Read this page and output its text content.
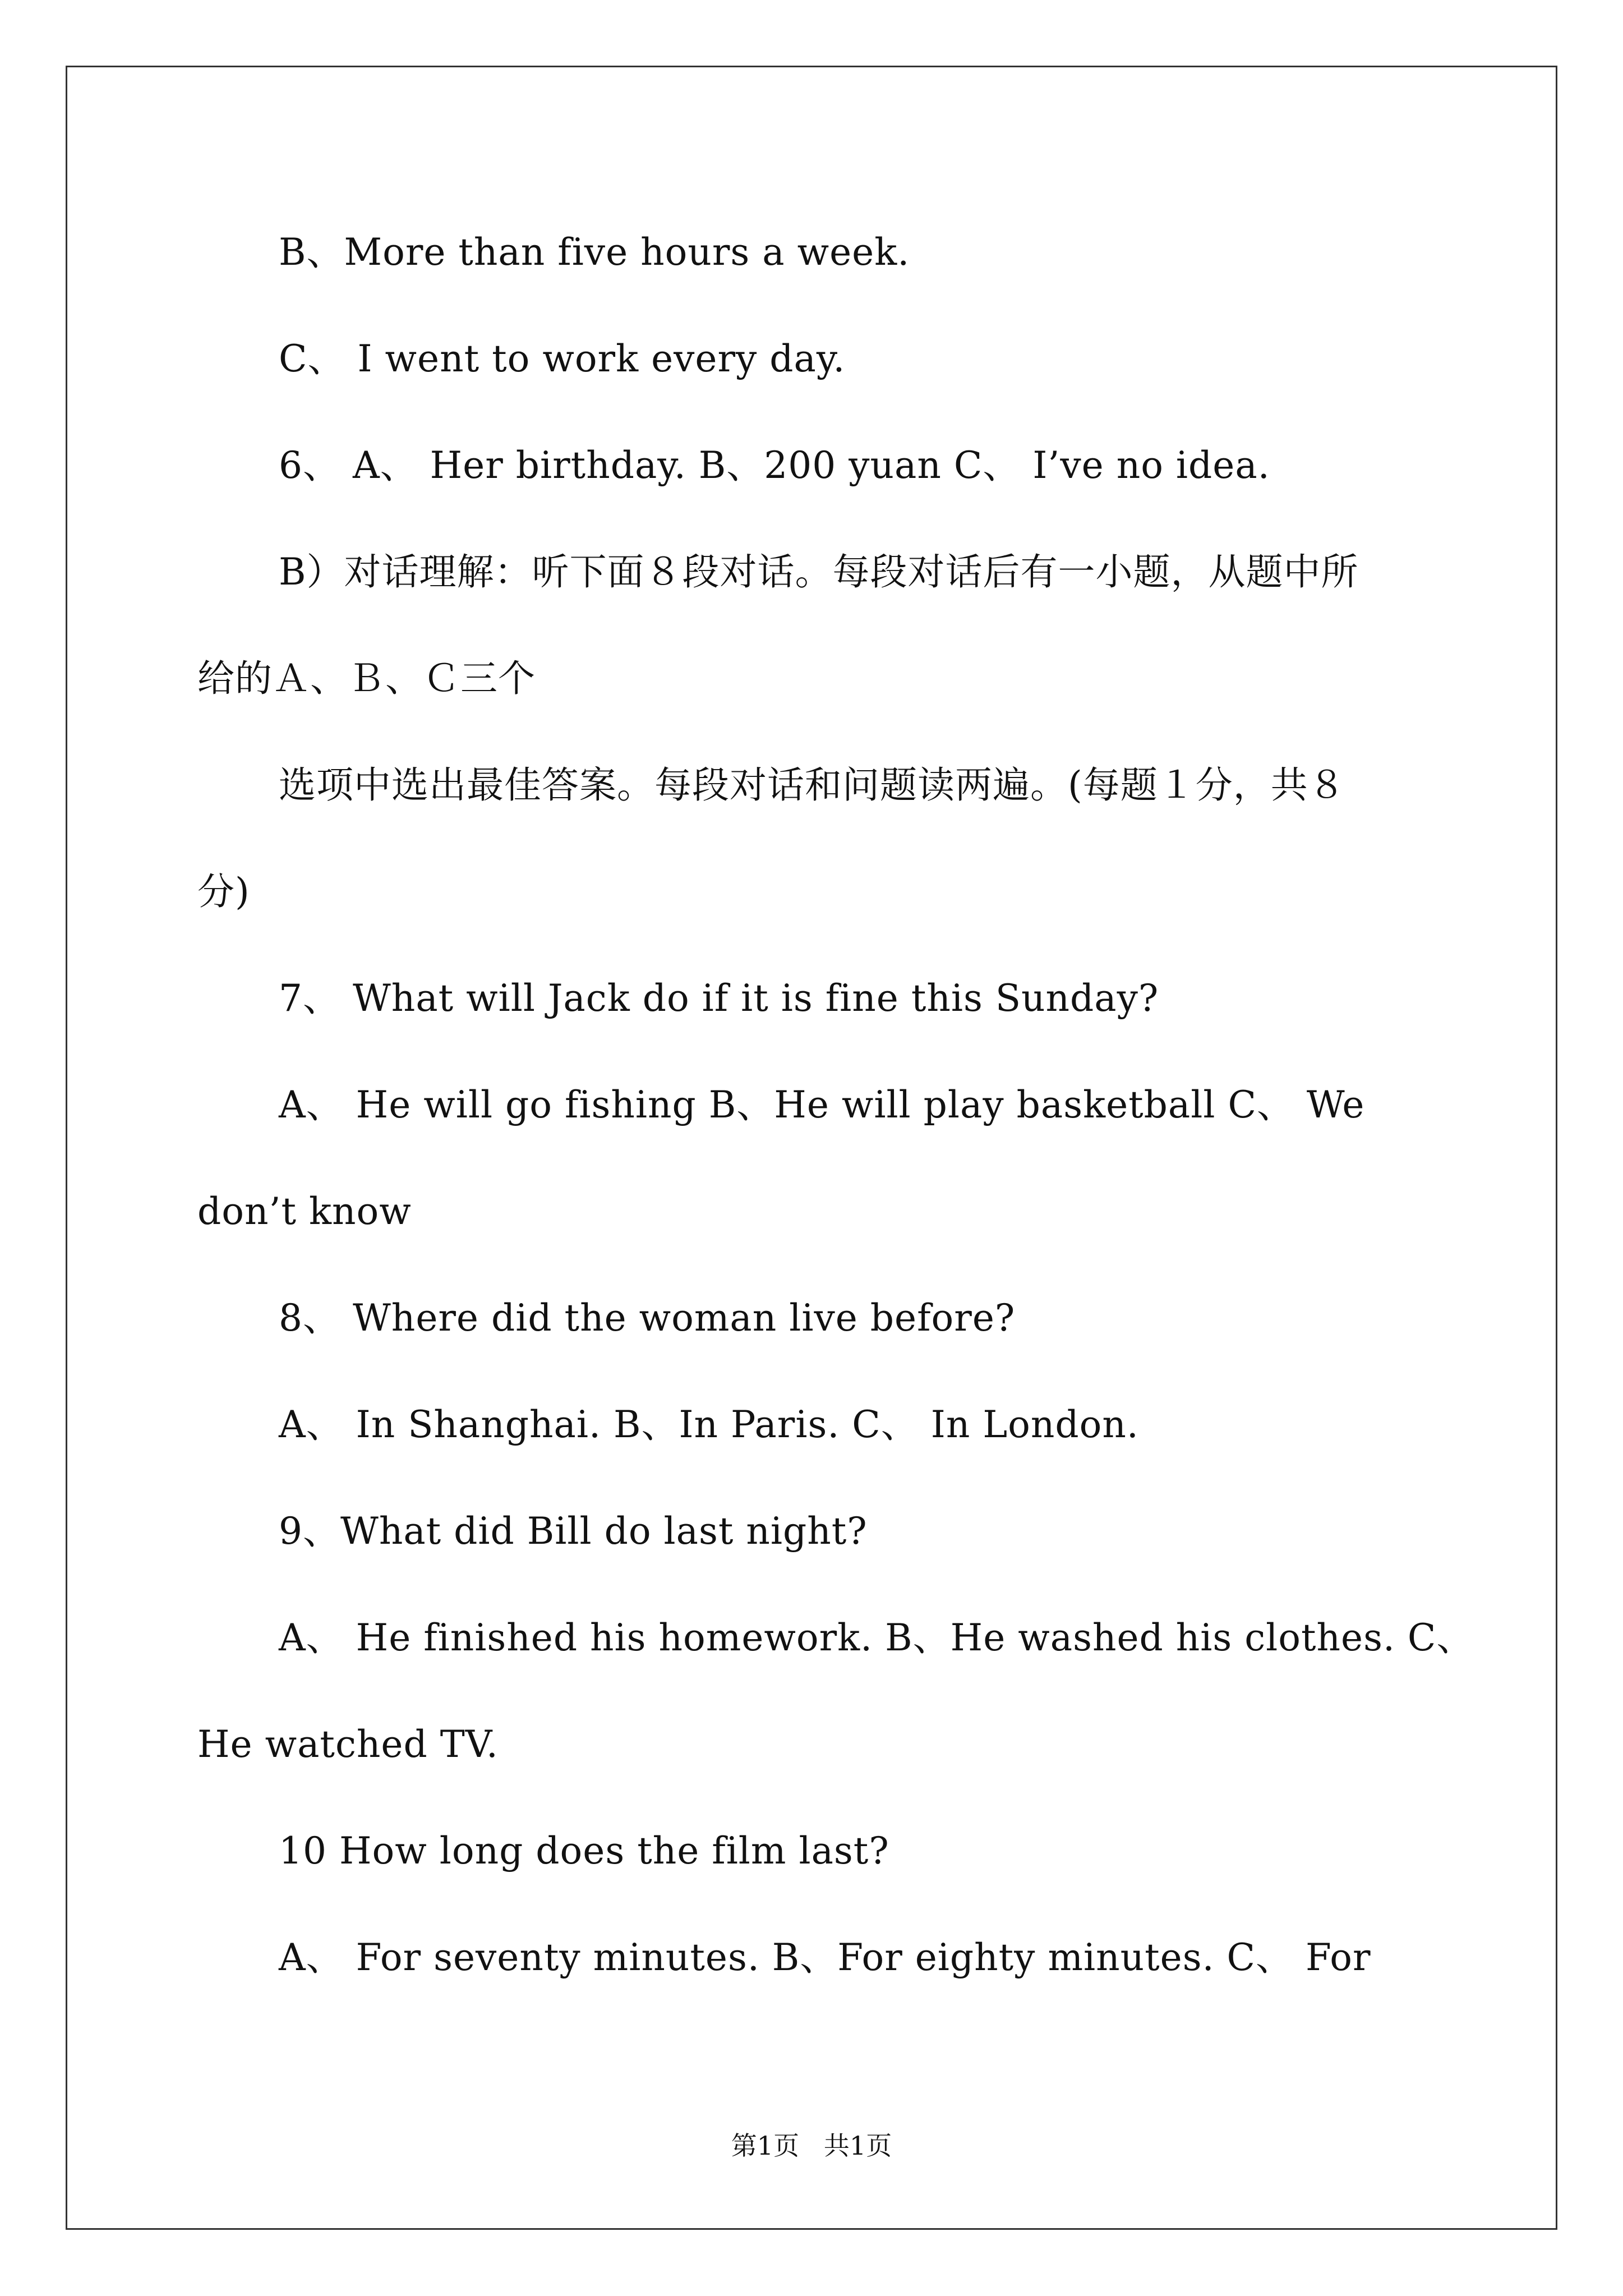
B、More than five hours a week.
C、 I went to work every day.
6、 A、 Her birthday. B、200 yuan C、 I’ve no idea.
B）对话理解：听下面８段对话。每段对话后有一小题，从题中所
给的Ａ、Ｂ、Ｃ三个
选项中选出最佳答案。每段对话和问题读两遍。(每题１分，共８
分)
7、 What will Jack do if it is fine this Sunday?
A、 He will go fishing B、He will play basketball C、 We
don’t know
8、 Where did the woman live before?
A、 In Shanghai. B、In Paris. C、 In London.
9、What did Bill do last night?
A、 He finished his homework. B、He washed his clothes. C、
He watched TV.
10 How long does the film last?
A、 For seventy minutes. B、For eighty minutes. C、 For
第1页   共1页
